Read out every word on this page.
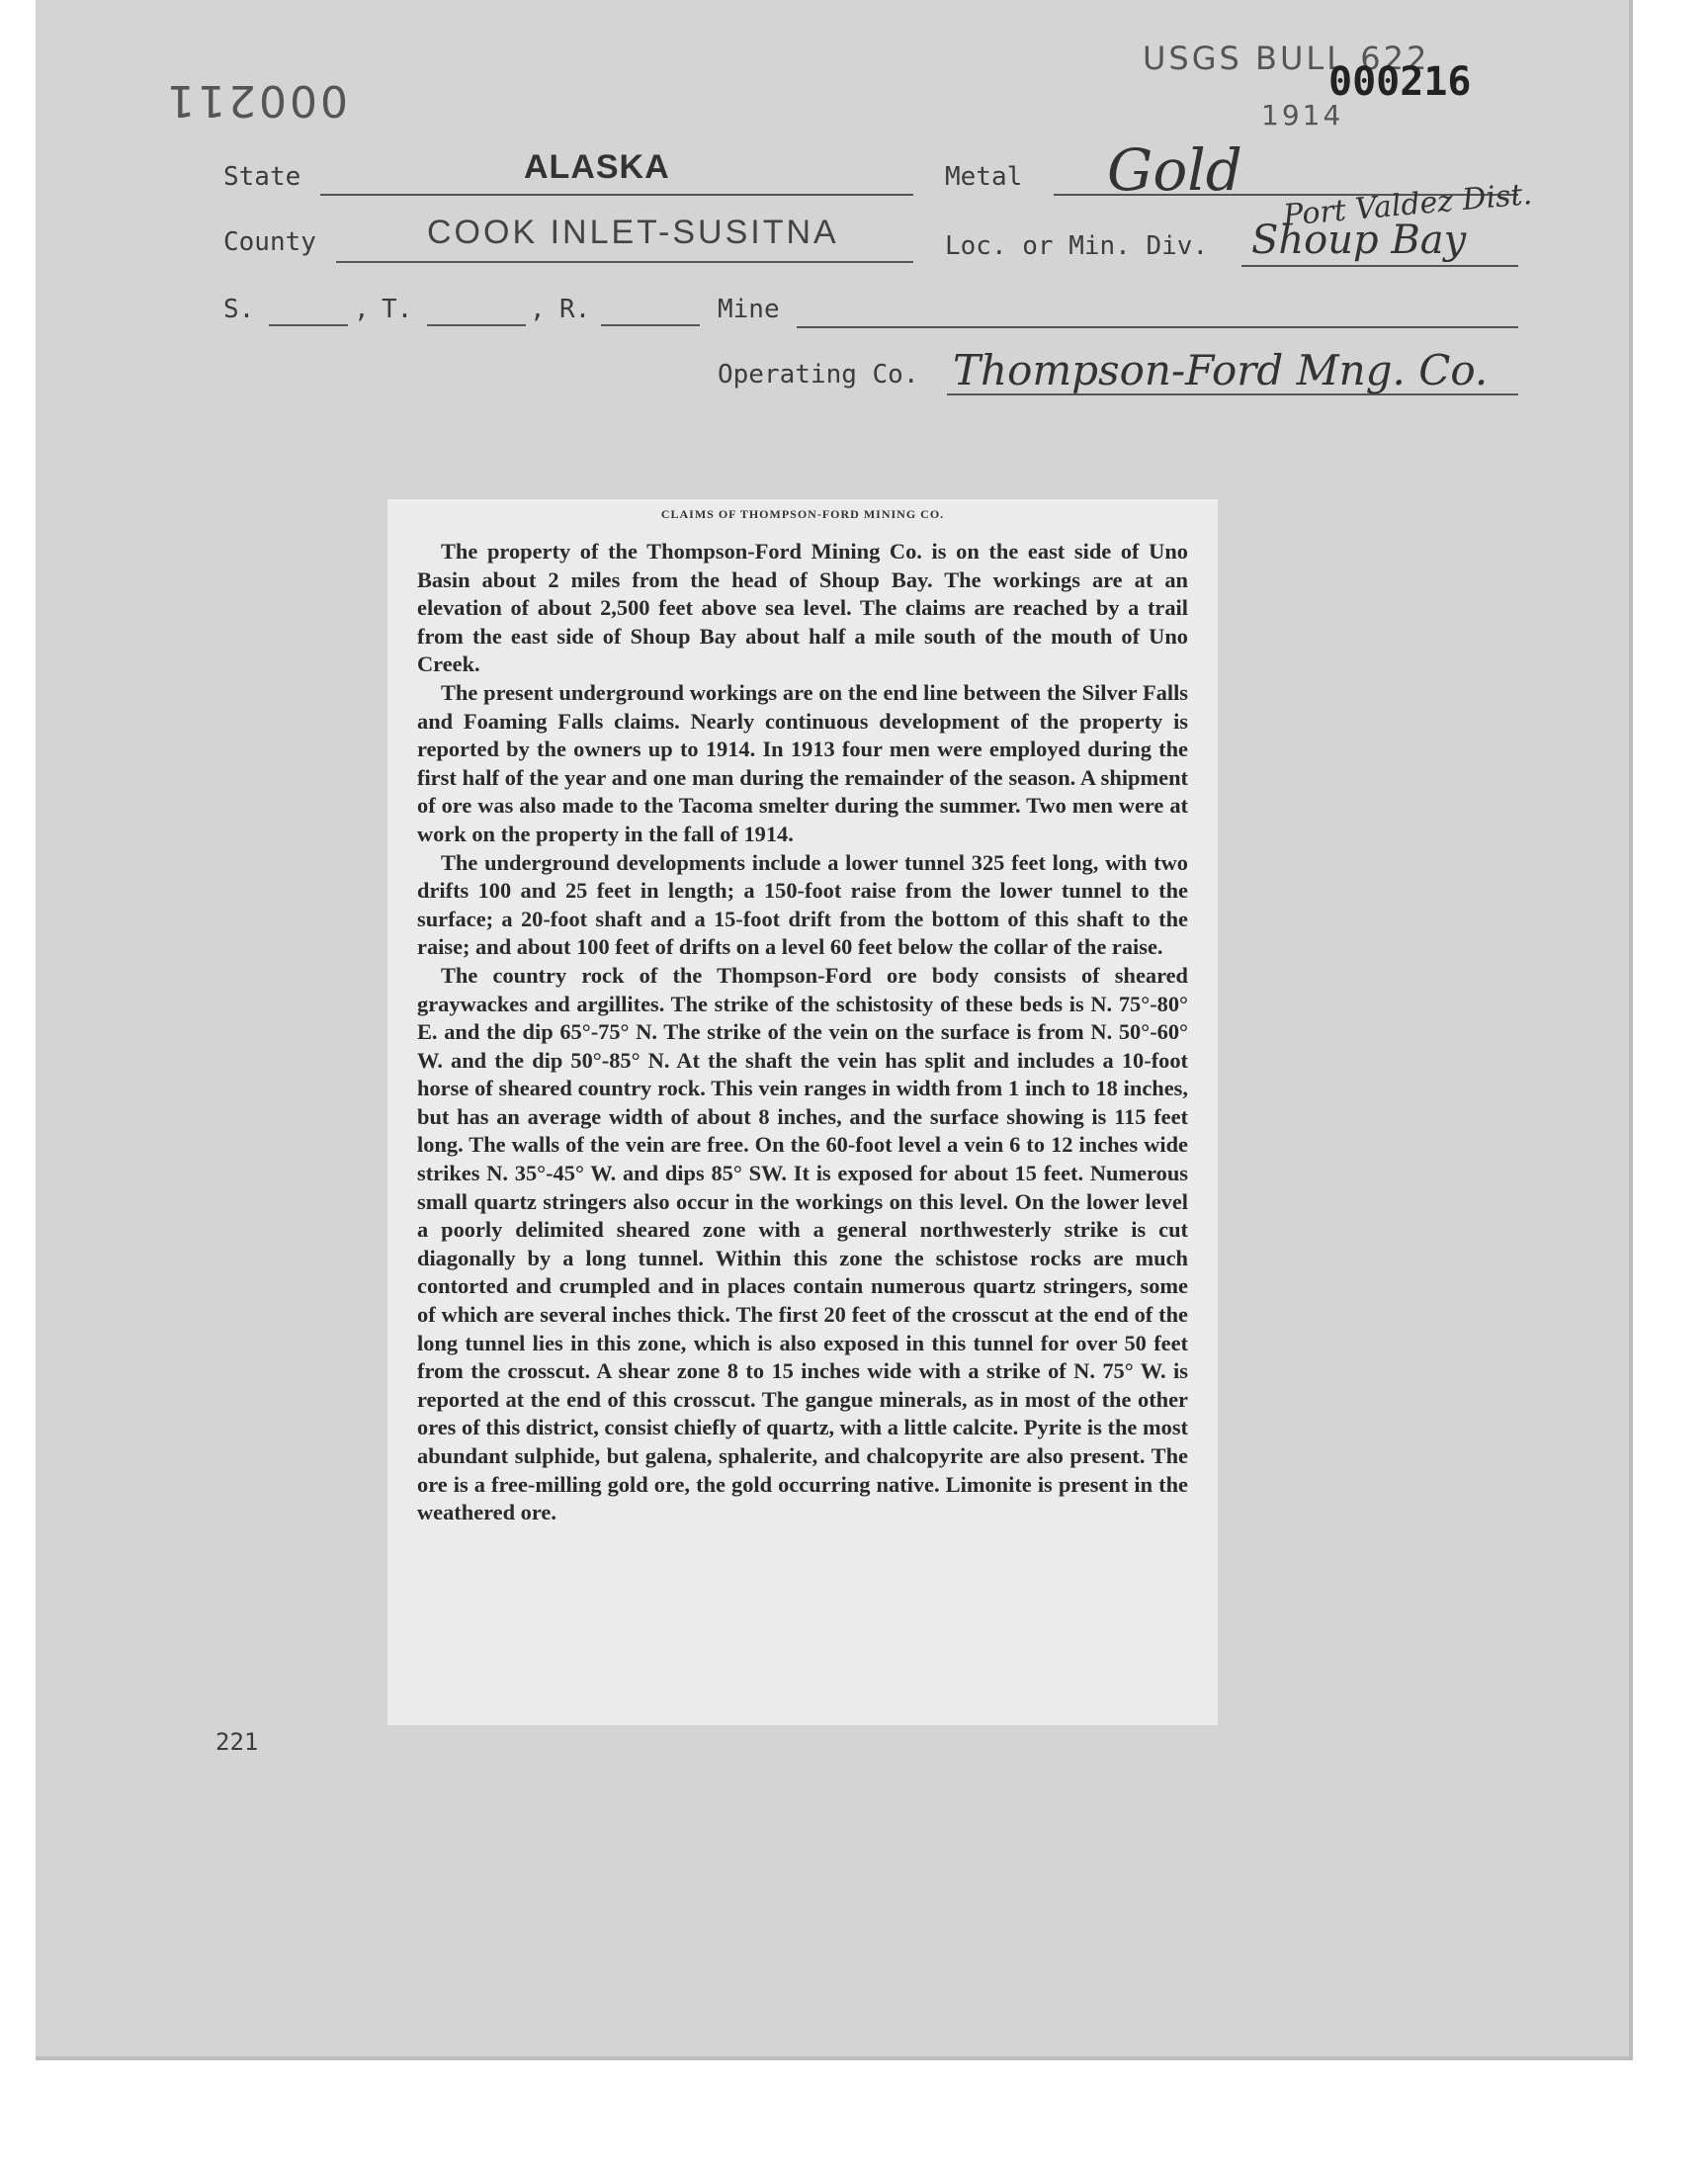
000211
USGS BULL 622
1914
000216
State	ALASKA	Metal Gold
County	COOK INLET-SUSITNA	Loc. or Min. Div. Shoup Bay
Port Valdez Dist.
S.	, T.	, R.	Mine
Operating Co. Thompson-Ford Mng. Co.
221
CLAIMS OF THOMPSON-FORD MINING CO.

The property of the Thompson-Ford Mining Co. is on the east side of Uno Basin about 2 miles from the head of Shoup Bay. The workings are at an elevation of about 2,500 feet above sea level. The claims are reached by a trail from the east side of Shoup Bay about half a mile south of the mouth of Uno Creek.

The present underground workings are on the end line between the Silver Falls and Foaming Falls claims. Nearly continuous development of the property is reported by the owners up to 1914. In 1913 four men were employed during the first half of the year and one man during the remainder of the season. A shipment of ore was also made to the Tacoma smelter during the summer. Two men were at work on the property in the fall of 1914.

The underground developments include a lower tunnel 325 feet long, with two drifts 100 and 25 feet in length; a 150-foot raise from the lower tunnel to the surface; a 20-foot shaft and a 15-foot drift from the bottom of this shaft to the raise; and about 100 feet of drifts on a level 60 feet below the collar of the raise.

The country rock of the Thompson-Ford ore body consists of sheared graywackes and argillites. The strike of the schistosity of these beds is N. 75°-80° E. and the dip 65°-75° N. The strike of the vein on the surface is from N. 50°-60° W. and the dip 50°-85° N. At the shaft the vein has split and includes a 10-foot horse of sheared country rock. This vein ranges in width from 1 inch to 18 inches, but has an average width of about 8 inches, and the surface showing is 115 feet long. The walls of the vein are free. On the 60-foot level a vein 6 to 12 inches wide strikes N. 35°-45° W. and dips 85° SW. It is exposed for about 15 feet. Numerous small quartz stringers also occur in the workings on this level. On the lower level a poorly delimited sheared zone with a general northwesterly strike is cut diagonally by a long tunnel. Within this zone the schistose rocks are much contorted and crumpled and in places contain numerous quartz stringers, some of which are several inches thick. The first 20 feet of the crosscut at the end of the long tunnel lies in this zone, which is also exposed in this tunnel for over 50 feet from the crosscut. A shear zone 8 to 15 inches wide with a strike of N. 75° W. is reported at the end of this crosscut. The gangue minerals, as in most of the other ores of this district, consist chiefly of quartz, with a little calcite. Pyrite is the most abundant sulphide, but galena, sphalerite, and chalcopyrite are also present. The ore is a free-milling gold ore, the gold occurring native. Limonite is present in the weathered ore.
